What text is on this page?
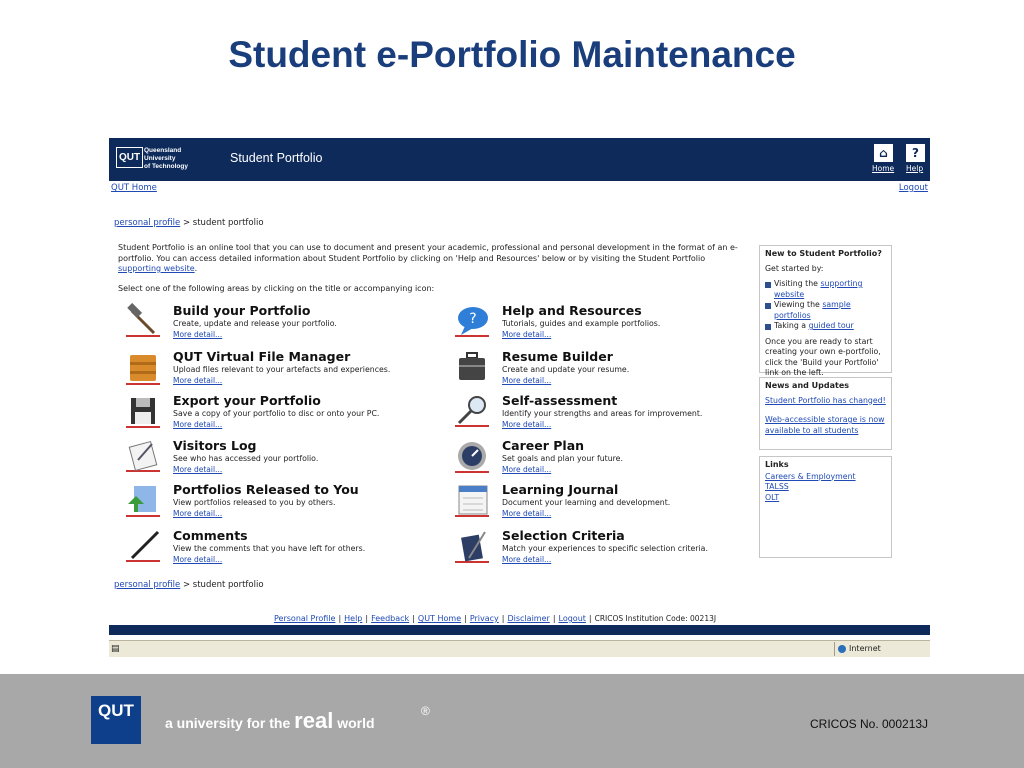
Student e-Portfolio Maintenance
QUT
Queensland
University
of Technology
Student Portfolio	⌂
Home
?
Help
QUT Home	Logout
personal profile > student portfolio
Student Portfolio is an online tool that you can use to document and present your academic, professional and personal development in the format of an e-portfolio. You can access detailed information about Student Portfolio by clicking on 'Help and Resources' below or by visiting the Student Portfolio supporting website.
Select one of the following areas by clicking on the title or accompanying icon:
Build your Portfolio
Create, update and release your portfolio.
More detail...
QUT Virtual File Manager
Upload files relevant to your artefacts and experiences.
More detail...
Export your Portfolio
Save a copy of your portfolio to disc or onto your PC.
More detail...
Visitors Log
See who has accessed your portfolio.
More detail...
Portfolios Released to You
View portfolios released to you by others.
More detail...
Comments
View the comments that you have left for others.
More detail...
?
Help and Resources
Tutorials, guides and example portfolios.
More detail...
Resume Builder
Create and update your resume.
More detail...
Self-assessment
Identify your strengths and areas for improvement.
More detail...
Career Plan
Set goals and plan your future.
More detail...
Learning Journal
Document your learning and development.
More detail...
Selection Criteria
Match your experiences to specific selection criteria.
More detail...
New to Student Portfolio?
Get started by:
Visiting the supporting website
Viewing the sample portfolios
Taking a guided tour
Once you are ready to start creating your own e-portfolio, click the 'Build your Portfolio' link on the left.
News and Updates
Student Portfolio has changed!
Web-accessible storage is now available to all students
Links
Careers & Employment
TALSS
OLT
personal profile > student portfolio
Personal Profile | Help | Feedback | QUT Home | Privacy | Disclaimer | Logout | CRICOS Institution Code: 00213J
▤	Internet
QUT
a university for the real world
®
CRICOS No. 000213J
